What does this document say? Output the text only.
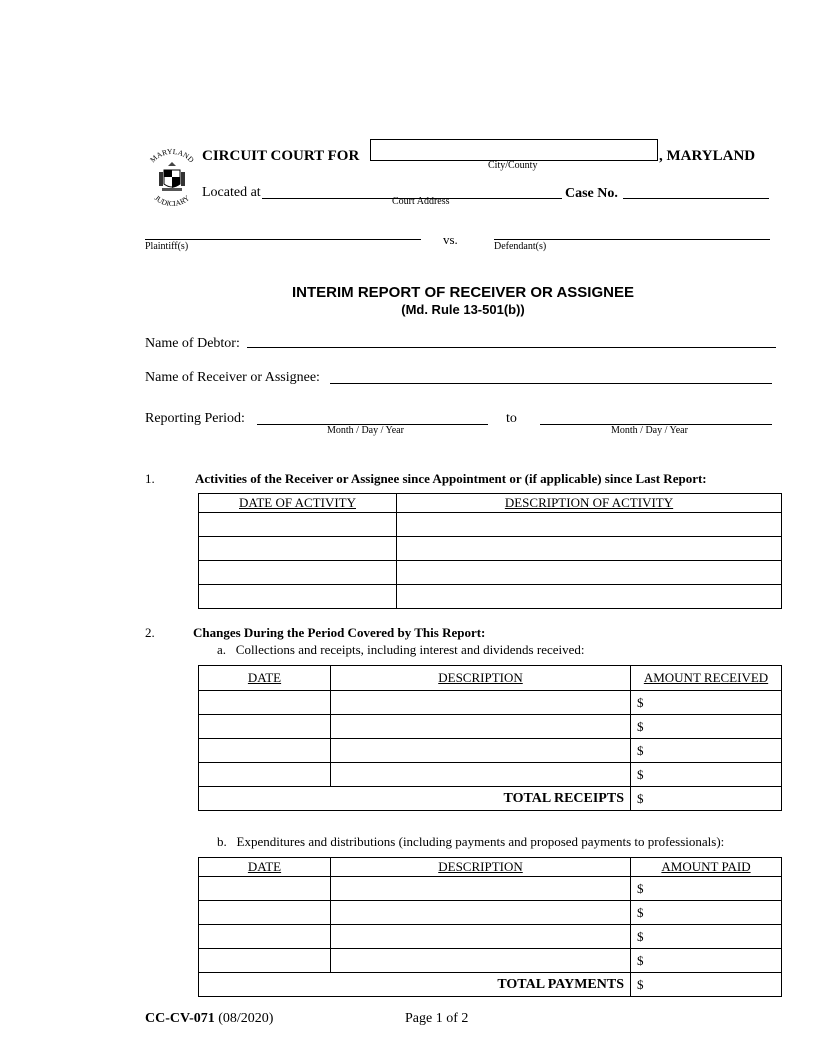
MARYLAND
JUDICIARY
CIRCUIT COURT FOR
City/County
, MARYLAND
Located at
Court Address
Case No.
Plaintiff(s)	vs.	Defendant(s)
INTERIM REPORT OF RECEIVER OR ASSIGNEE
(Md. Rule 13-501(b))
Name of Debtor:
Name of Receiver or Assignee:
Reporting Period:
Month / Day / Year
to
Month / Day / Year
1.	Activities of the Receiver or Assignee since Appointment or (if applicable) since Last Report:
DATE OF ACTIVITY	DESCRIPTION OF ACTIVITY

2.	Changes During the Period Covered by This Report:
a.   Collections and receipts, including interest and dividends received:
DATE	DESCRIPTION	AMOUNT RECEIVED
		$
		$
		$
		$
TOTAL RECEIPTS		$
b.   Expenditures and distributions (including payments and proposed payments to professionals):
DATE	DESCRIPTION	AMOUNT PAID
		$
		$
		$
		$
TOTAL PAYMENTS		$
CC-CV-071 (08/2020)	Page 1 of 2
